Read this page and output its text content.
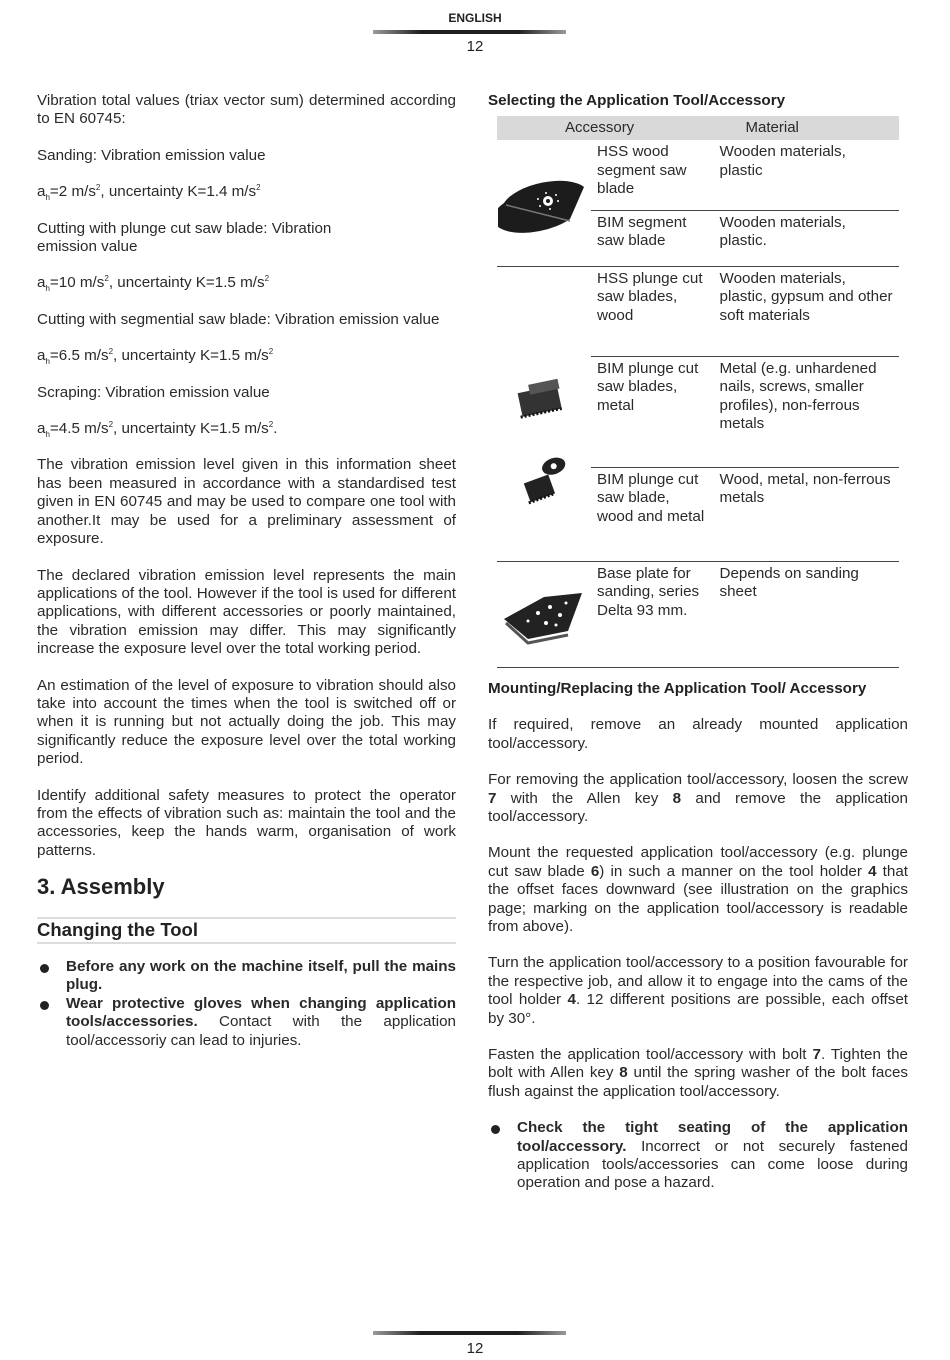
ENGLISH
12

Vibration total values (triax vector sum) determined according to EN 60745:

Sanding: Vibration emission value

$a_h=2$ $m/s^2$, uncertainty K=1.4 $m/s^2$

Cutting with plunge cut saw blade: Vibration emission value

$a_h=10$ $m/s^2$, uncertainty K=1.5 $m/s^2$

Cutting with segmential saw blade: Vibration emission value

$a_h=6.5$ $m/s^2$, uncertainty K=1.5 $m/s^2$

Scraping: Vibration emission value

$a_h=4.5$ $m/s^2$, uncertainty K=1.5 $m/s^2$.

The vibration emission level given in this information sheet has been measured in accordance with a standardised test given in EN 60745 and may be used to compare one tool with another.It may be used for a preliminary assessment of exposure.

The declared vibration emission level represents the main applications of the tool. However if the tool is used for different applications, with different accessories or poorly maintained, the vibration emission may differ. This may significantly increase the exposure level over the total working period.

An estimation of the level of exposure to vibration should also take into account the times when the tool is switched off or when it is running but not actually doing the job. This may significantly reduce the exposure level over the total working period.

Identify additional safety measures to protect the operator from the effects of vibration such as: maintain the tool and the accessories, keep the hands warm, organisation of work patterns.

3. Assembly
Changing the Tool
Before any work on the machine itself, pull the mains plug.
Wear protective gloves when changing application tools/accessories. Contact with the application tool/accessoriy can lead to injuries.
Selecting the Application Tool/Accessory
Accessory		Material

	HSS wood segment saw blade	Wooden materials, plastic
	BIM segment saw blade	Wooden materials, plastic.

	HSS plunge cut saw blades, wood	Wooden materials, plastic, gypsum and other soft materials
	BIM plunge cut saw blades, metal	Metal (e.g. unhardened nails, screws, smaller profiles), non-ferrous metals
	BIM plunge cut saw blade, wood and metal	Wood, metal, non-ferrous metals

	Base plate for sanding, series Delta 93 mm.	Depends on sanding sheet
Mounting/Replacing the Application Tool/ Accessory

If required, remove an already mounted application tool/accessory.

For removing the application tool/accessory, loosen the screw 7 with the Allen key 8 and remove the application tool/accessory.

Mount the requested application tool/accessory (e.g. plunge cut saw blade 6) in such a manner on the tool holder 4 that the offset faces downward (see illustration on the graphics page; marking on the application tool/accessory is readable from above).

Turn the application tool/accessory to a position favourable for the respective job, and allow it to engage into the cams of the tool holder 4. 12 different positions are possible, each offset by 30°.

Fasten the application tool/accessory with bolt 7. Tighten the bolt with Allen key 8 until the spring washer of the bolt faces flush against the application tool/accessory.

Check the tight seating of the application tool/accessory. Incorrect or not securely fastened application tools/accessories can come loose during operation and pose a hazard.
12
